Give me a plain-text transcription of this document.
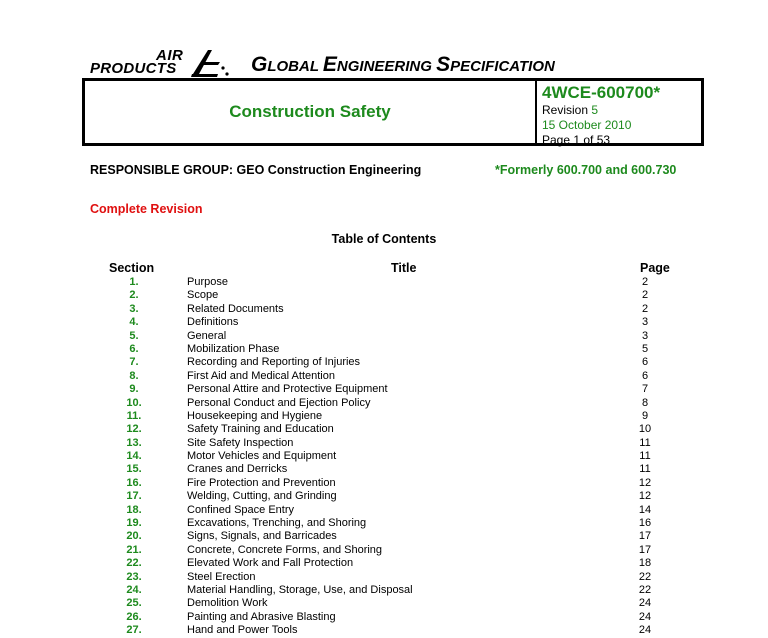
AIR
PRODUCTS	GLOBAL ENGINEERING SPECIFICATION
Construction Safety
4WCE-600700*
Revision 5
15 October 2010
Page 1 of 53
RESPONSIBLE GROUP: GEO Construction Engineering	*Formerly 600.700 and 600.730
Complete Revision
Table of Contents
Section	Title	Page
1.	Purpose	2
2.	Scope	2
3.	Related Documents	2
4.	Definitions	3
5.	General	3
6.	Mobilization Phase	5
7.	Recording and Reporting of Injuries	6
8.	First Aid and Medical Attention	6
9.	Personal Attire and Protective Equipment	7
10.	Personal Conduct and Ejection Policy	8
11.	Housekeeping and Hygiene	9
12.	Safety Training and Education	10
13.	Site Safety Inspection	11
14.	Motor Vehicles and Equipment	11
15.	Cranes and Derricks	11
16.	Fire Protection and Prevention	12
17.	Welding, Cutting, and Grinding	12
18.	Confined Space Entry	14
19.	Excavations, Trenching, and Shoring	16
20.	Signs, Signals, and Barricades	17
21.	Concrete, Concrete Forms, and Shoring	17
22.	Elevated Work and Fall Protection	18
23.	Steel Erection	22
24.	Material Handling, Storage, Use, and Disposal	22
25.	Demolition Work	24
26.	Painting and Abrasive Blasting	24
27.	Hand and Power Tools	24
